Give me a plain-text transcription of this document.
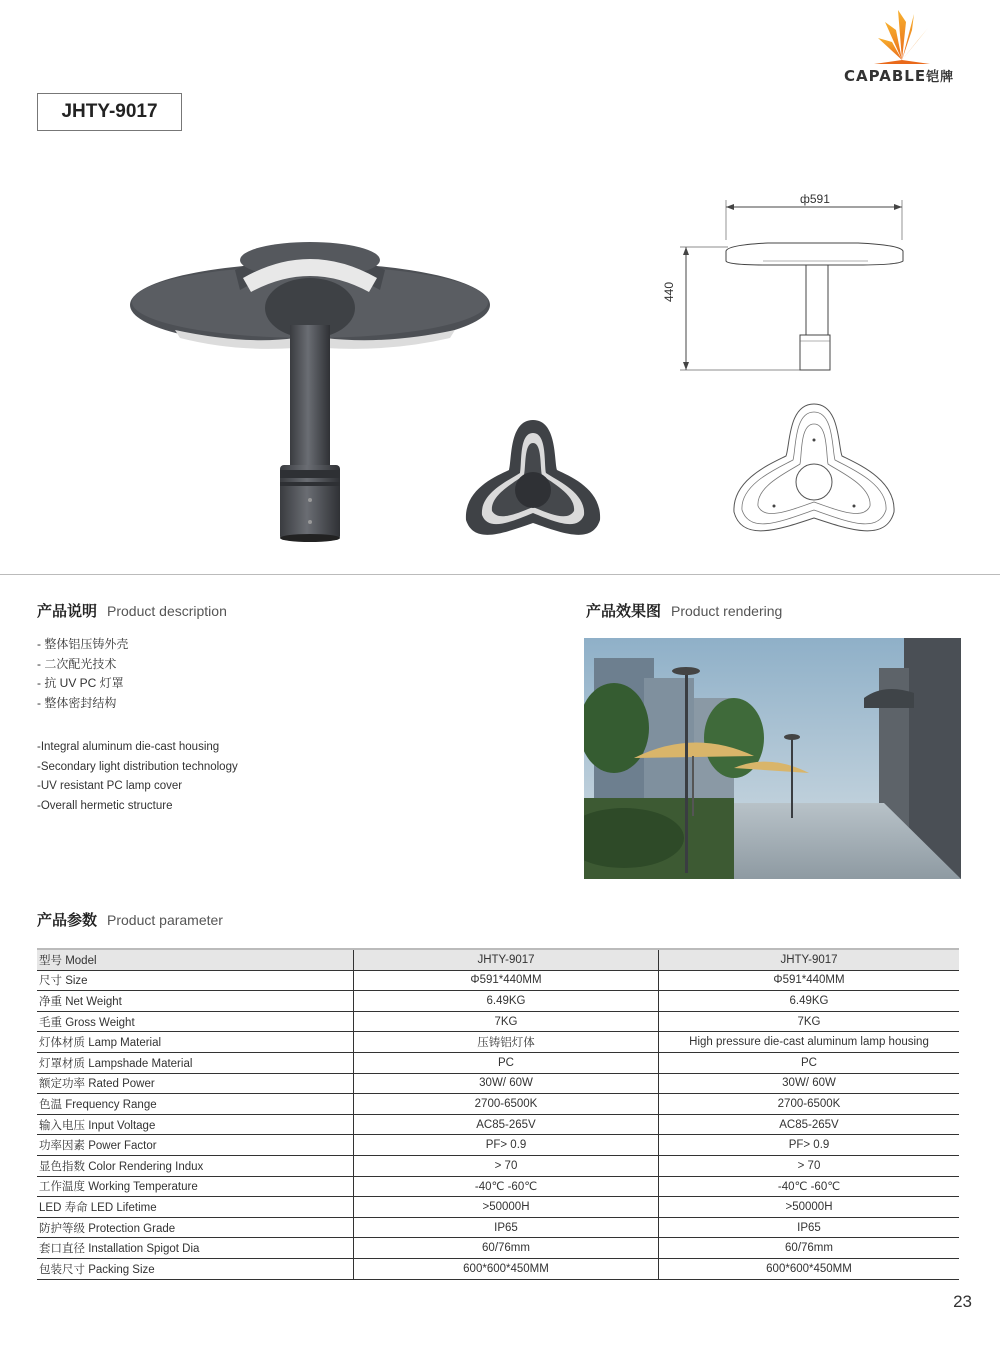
CAPABLE铠牌
JHTY-9017
ф591
440
产品说明 Product description
- 整体铝压铸外壳
- 二次配光技术
- 抗 UV PC 灯罩
- 整体密封结构
-Integral aluminum die-cast housing
-Secondary light distribution technology
-UV resistant PC lamp cover
-Overall hermetic structure
产品效果图 Product rendering
产品参数 Product parameter
型号 Model	JHTY-9017	JHTY-9017
尺寸 Size	Φ591*440MM	Φ591*440MM
净重 Net Weight	6.49KG	6.49KG
毛重 Gross Weight	7KG	7KG
灯体材质 Lamp Material	压铸铝灯体	High pressure die-cast aluminum lamp housing
灯罩材质 Lampshade Material	PC	PC
额定功率 Rated Power	30W/ 60W	30W/ 60W
色温 Frequency Range	2700-6500K	2700-6500K
输入电压 Input Voltage	AC85-265V	AC85-265V
功率因素 Power Factor	PF> 0.9	PF> 0.9
显色指数 Color Rendering Indux	> 70	> 70
工作温度 Working Temperature	-40℃ -60℃	-40℃ -60℃
LED 寿命 LED Lifetime	>50000H	>50000H
防护等级 Protection Grade	IP65	IP65
套口直径 Installation Spigot Dia	60/76mm	60/76mm
包装尺寸 Packing Size	600*600*450MM	600*600*450MM
23
